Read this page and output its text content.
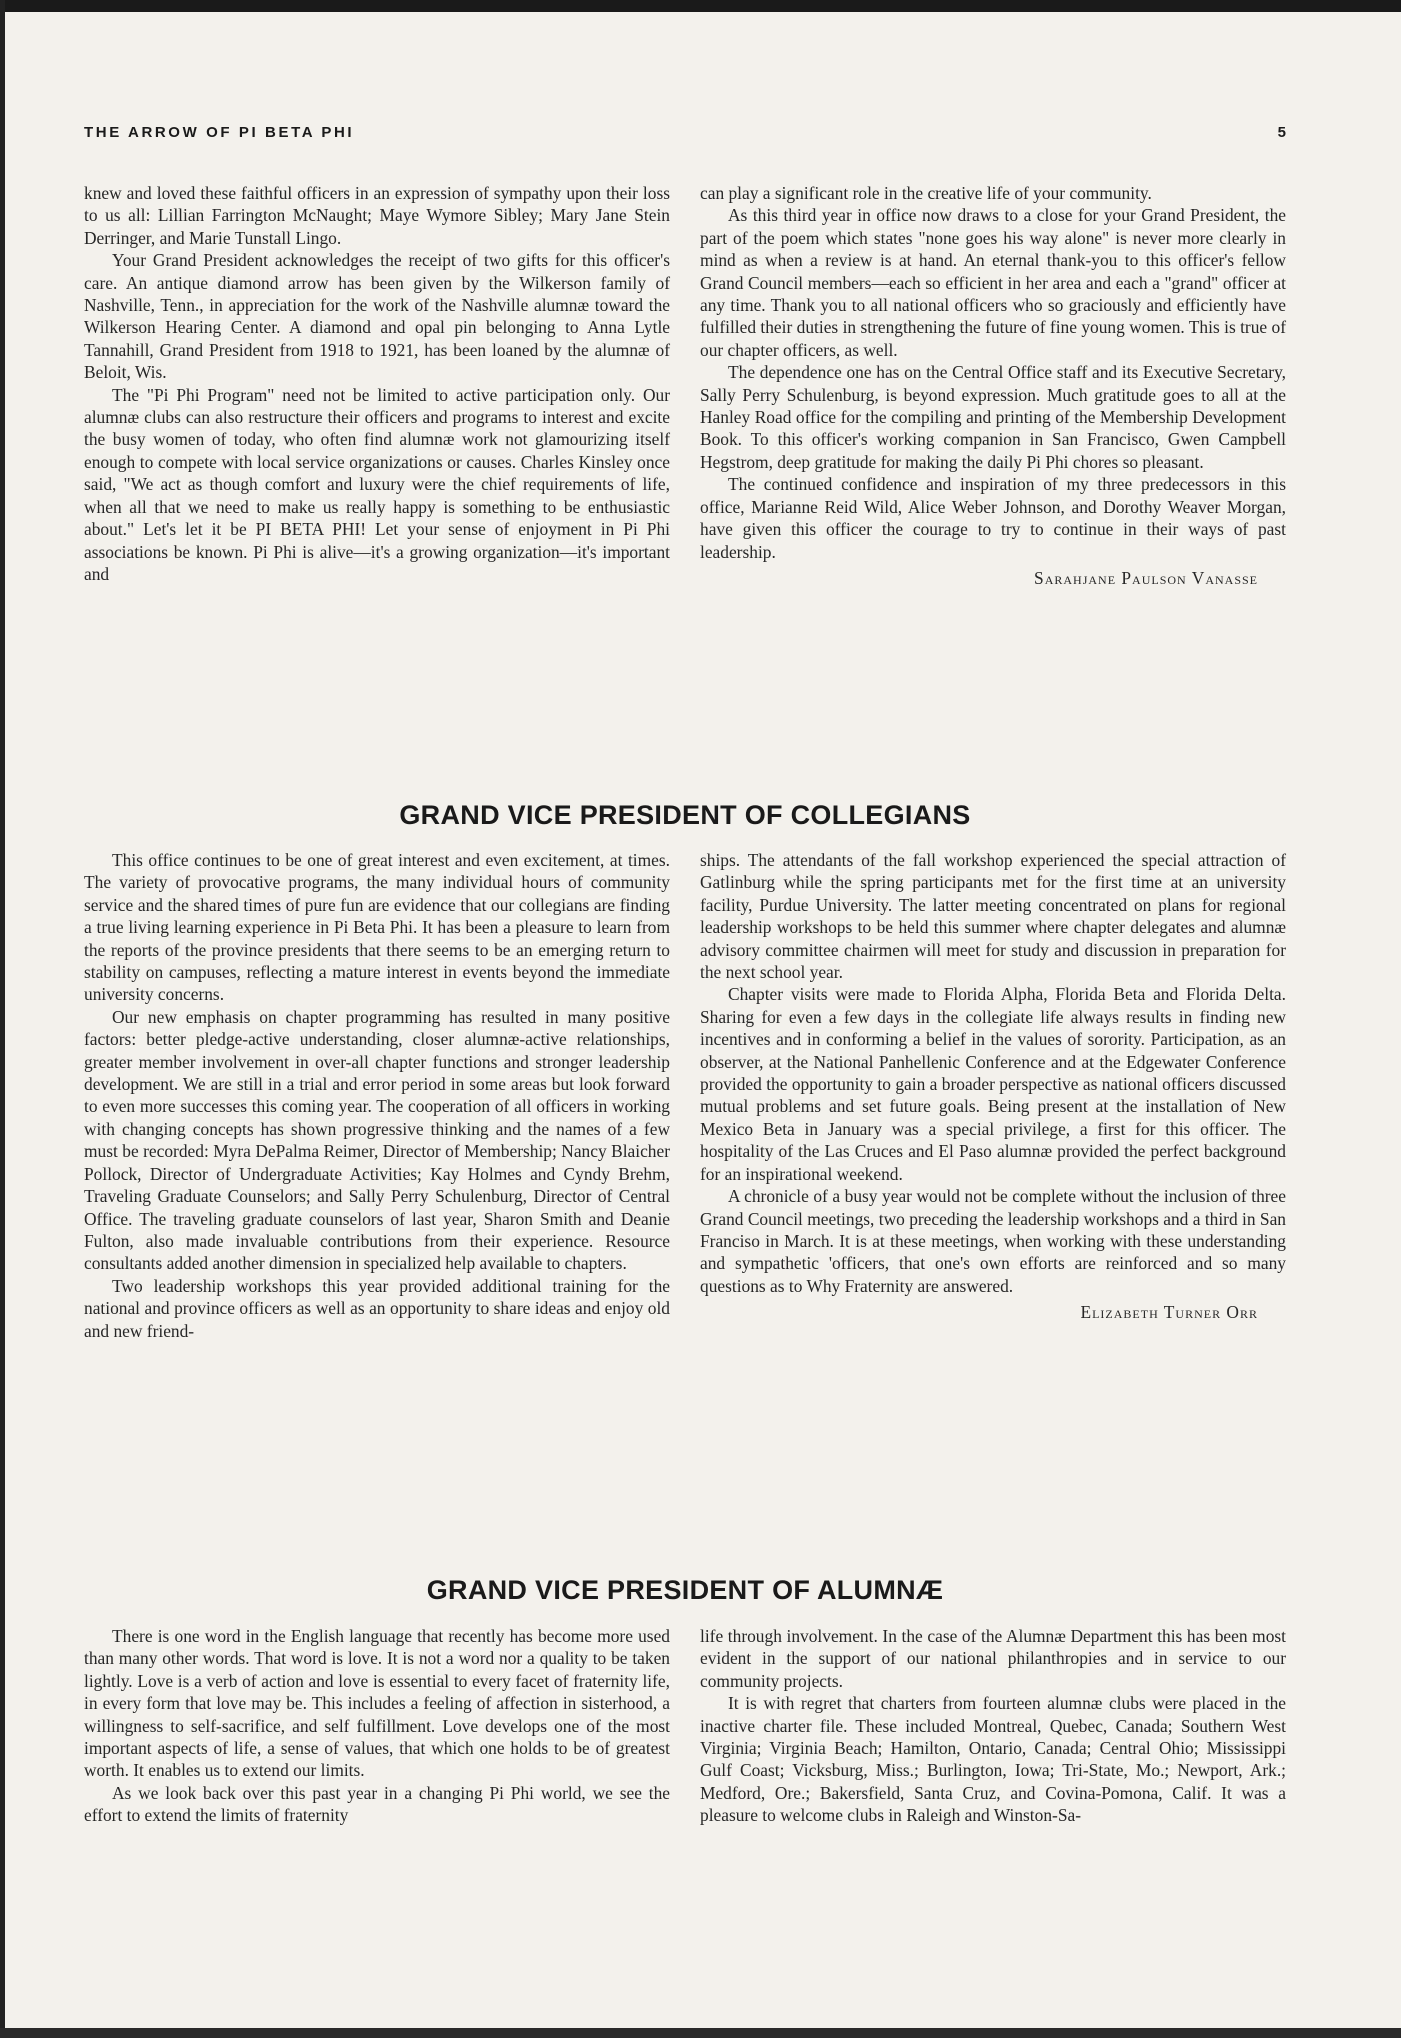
THE ARROW OF PI BETA PHI	5

knew and loved these faithful officers in an expression of sympathy upon their loss to us all: Lillian Farrington McNaught; Maye Wymore Sibley; Mary Jane Stein Derringer, and Marie Tunstall Lingo.

Your Grand President acknowledges the receipt of two gifts for this officer's care. An antique diamond arrow has been given by the Wilkerson family of Nashville, Tenn., in appreciation for the work of the Nashville alumnæ toward the Wilkerson Hearing Center. A diamond and opal pin belonging to Anna Lytle Tannahill, Grand President from 1918 to 1921, has been loaned by the alumnæ of Beloit, Wis.

The "Pi Phi Program" need not be limited to active participation only. Our alumnæ clubs can also restructure their officers and programs to interest and excite the busy women of today, who often find alumnæ work not glamourizing itself enough to compete with local service organizations or causes. Charles Kinsley once said, "We act as though comfort and luxury were the chief requirements of life, when all that we need to make us really happy is something to be enthusiastic about." Let's let it be PI BETA PHI! Let your sense of enjoyment in Pi Phi associations be known. Pi Phi is alive—it's a growing organization—it's important and

can play a significant role in the creative life of your community.

As this third year in office now draws to a close for your Grand President, the part of the poem which states "none goes his way alone" is never more clearly in mind as when a review is at hand. An eternal thank-you to this officer's fellow Grand Council members—each so efficient in her area and each a "grand" officer at any time. Thank you to all national officers who so graciously and efficiently have fulfilled their duties in strengthening the future of fine young women. This is true of our chapter officers, as well.

The dependence one has on the Central Office staff and its Executive Secretary, Sally Perry Schulenburg, is beyond expression. Much gratitude goes to all at the Hanley Road office for the compiling and printing of the Membership Development Book. To this officer's working companion in San Francisco, Gwen Campbell Hegstrom, deep gratitude for making the daily Pi Phi chores so pleasant.

The continued confidence and inspiration of my three predecessors in this office, Marianne Reid Wild, Alice Weber Johnson, and Dorothy Weaver Morgan, have given this officer the courage to try to continue in their ways of past leadership.

Sarahjane Paulson Vanasse

GRAND VICE PRESIDENT OF COLLEGIANS

This office continues to be one of great interest and even excitement, at times. The variety of provocative programs, the many individual hours of community service and the shared times of pure fun are evidence that our collegians are finding a true living learning experience in Pi Beta Phi. It has been a pleasure to learn from the reports of the province presidents that there seems to be an emerging return to stability on campuses, reflecting a mature interest in events beyond the immediate university concerns.

Our new emphasis on chapter programming has resulted in many positive factors: better pledge-active understanding, closer alumnæ-active relationships, greater member involvement in over-all chapter functions and stronger leadership development. We are still in a trial and error period in some areas but look forward to even more successes this coming year. The cooperation of all officers in working with changing concepts has shown progressive thinking and the names of a few must be recorded: Myra DePalma Reimer, Director of Membership; Nancy Blaicher Pollock, Director of Undergraduate Activities; Kay Holmes and Cyndy Brehm, Traveling Graduate Counselors; and Sally Perry Schulenburg, Director of Central Office. The traveling graduate counselors of last year, Sharon Smith and Deanie Fulton, also made invaluable contributions from their experience. Resource consultants added another dimension in specialized help available to chapters.

Two leadership workshops this year provided additional training for the national and province officers as well as an opportunity to share ideas and enjoy old and new friend-

ships. The attendants of the fall workshop experienced the special attraction of Gatlinburg while the spring participants met for the first time at an university facility, Purdue University. The latter meeting concentrated on plans for regional leadership workshops to be held this summer where chapter delegates and alumnæ advisory committee chairmen will meet for study and discussion in preparation for the next school year.

Chapter visits were made to Florida Alpha, Florida Beta and Florida Delta. Sharing for even a few days in the collegiate life always results in finding new incentives and in conforming a belief in the values of sorority. Participation, as an observer, at the National Panhellenic Conference and at the Edgewater Conference provided the opportunity to gain a broader perspective as national officers discussed mutual problems and set future goals. Being present at the installation of New Mexico Beta in January was a special privilege, a first for this officer. The hospitality of the Las Cruces and El Paso alumnæ provided the perfect background for an inspirational weekend.

A chronicle of a busy year would not be complete without the inclusion of three Grand Council meetings, two preceding the leadership workshops and a third in San Franciso in March. It is at these meetings, when working with these understanding and sympathetic 'officers, that one's own efforts are reinforced and so many questions as to Why Fraternity are answered.

Elizabeth Turner Orr

GRAND VICE PRESIDENT OF ALUMNÆ

There is one word in the English language that recently has become more used than many other words. That word is love. It is not a word nor a quality to be taken lightly. Love is a verb of action and love is essential to every facet of fraternity life, in every form that love may be. This includes a feeling of affection in sisterhood, a willingness to self-sacrifice, and self fulfillment. Love develops one of the most important aspects of life, a sense of values, that which one holds to be of greatest worth. It enables us to extend our limits.

As we look back over this past year in a changing Pi Phi world, we see the effort to extend the limits of fraternity

life through involvement. In the case of the Alumnæ Department this has been most evident in the support of our national philanthropies and in service to our community projects.

It is with regret that charters from fourteen alumnæ clubs were placed in the inactive charter file. These included Montreal, Quebec, Canada; Southern West Virginia; Virginia Beach; Hamilton, Ontario, Canada; Central Ohio; Mississippi Gulf Coast; Vicksburg, Miss.; Burlington, Iowa; Tri-State, Mo.; Newport, Ark.; Medford, Ore.; Bakersfield, Santa Cruz, and Covina-Pomona, Calif. It was a pleasure to welcome clubs in Raleigh and Winston-Sa-
